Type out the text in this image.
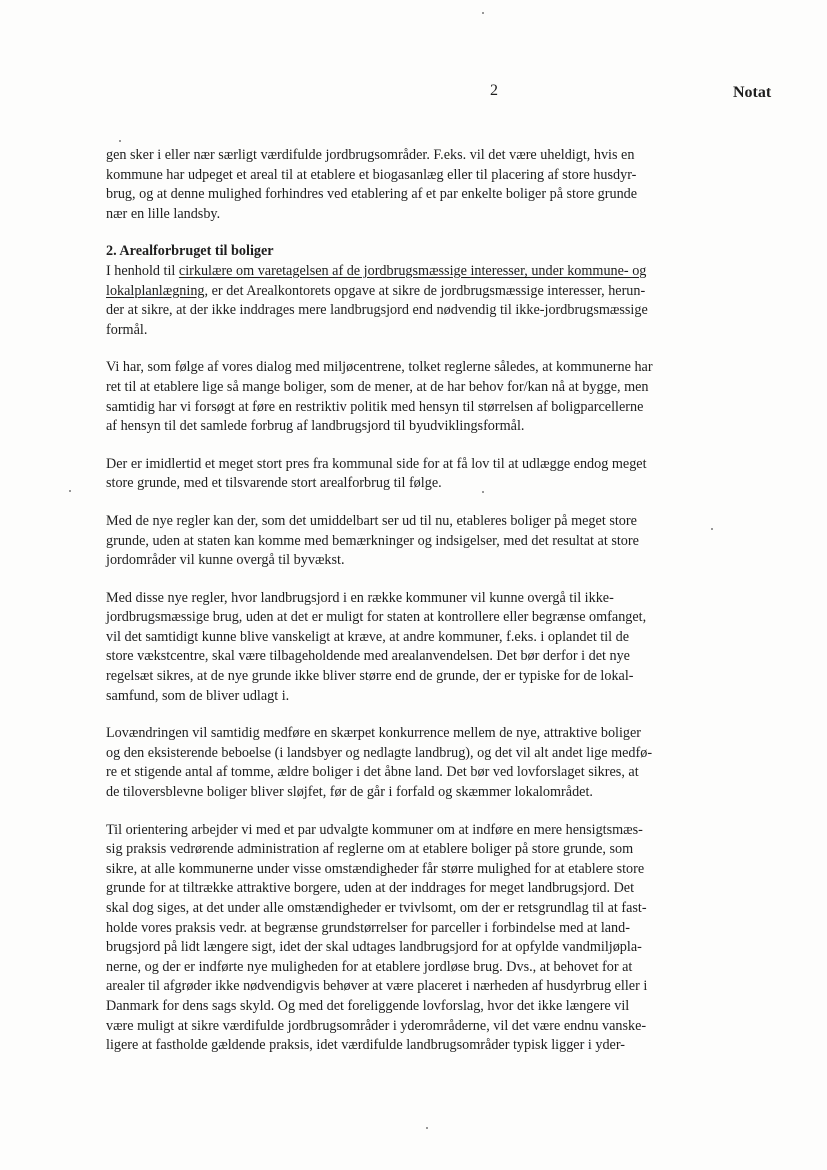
2	Notat
gen sker i eller nær særligt værdifulde jordbrugsområder. F.eks. vil det være uheldigt, hvis en
kommune har udpeget et areal til at etablere et biogasanlæg eller til placering af store husdyr-
brug, og at denne mulighed forhindres ved etablering af et par enkelte boliger på store grunde
nær en lille landsby.
2. Arealforbruget til boliger
I henhold til cirkulære om varetagelsen af de jordbrugsmæssige interesser, under kommune- og
lokalplanlægning, er det Arealkontorets opgave at sikre de jordbrugsmæssige interesser, herun-
der at sikre, at der ikke inddrages mere landbrugsjord end nødvendig til ikke-jordbrugsmæssige
formål.
Vi har, som følge af vores dialog med miljøcentrene, tolket reglerne således, at kommunerne har
ret til at etablere lige så mange boliger, som de mener, at de har behov for/kan nå at bygge, men
samtidig har vi forsøgt at føre en restriktiv politik med hensyn til størrelsen af boligparcellerne
af hensyn til det samlede forbrug af landbrugsjord til byudviklingsformål.
Der er imidlertid et meget stort pres fra kommunal side for at få lov til at udlægge endog meget
store grunde, med et tilsvarende stort arealforbrug til følge.
Med de nye regler kan der, som det umiddelbart ser ud til nu, etableres boliger på meget store
grunde, uden at staten kan komme med bemærkninger og indsigelser, med det resultat at store
jordområder vil kunne overgå til byvækst.
Med disse nye regler, hvor landbrugsjord i en række kommuner vil kunne overgå til ikke-
jordbrugsmæssige brug, uden at det er muligt for staten at kontrollere eller begrænse omfanget,
vil det samtidigt kunne blive vanskeligt at kræve, at andre kommuner, f.eks. i oplandet til de
store vækstcentre, skal være tilbageholdende med arealanvendelsen. Det bør derfor i det nye
regelsæt sikres, at de nye grunde ikke bliver større end de grunde, der er typiske for de lokal-
samfund, som de bliver udlagt i.
Lovændringen vil samtidig medføre en skærpet konkurrence mellem de nye, attraktive boliger
og den eksisterende beboelse (i landsbyer og nedlagte landbrug), og det vil alt andet lige medfø-
re et stigende antal af tomme, ældre boliger i det åbne land. Det bør ved lovforslaget sikres, at
de tiloversblevne boliger bliver sløjfet, før de går i forfald og skæmmer lokalområdet.
Til orientering arbejder vi med et par udvalgte kommuner om at indføre en mere hensigtsmæs-
sig praksis vedrørende administration af reglerne om at etablere boliger på store grunde, som
sikre, at alle kommunerne under visse omstændigheder får større mulighed for at etablere store
grunde for at tiltrække attraktive borgere, uden at der inddrages for meget landbrugsjord. Det
skal dog siges, at det under alle omstændigheder er tvivlsomt, om der er retsgrundlag til at fast-
holde vores praksis vedr. at begrænse grundstørrelser for parceller i forbindelse med at land-
brugsjord på lidt længere sigt, idet der skal udtages landbrugsjord for at opfylde vandmiljøpla-
nerne, og der er indførte nye muligheden for at etablere jordløse brug. Dvs., at behovet for at
arealer til afgrøder ikke nødvendigvis behøver at være placeret i nærheden af husdyrbrug eller i
Danmark for dens sags skyld. Og med det foreliggende lovforslag, hvor det ikke længere vil
være muligt at sikre værdifulde jordbrugsområder i yderområderne, vil det være endnu vanske-
ligere at fastholde gældende praksis, idet værdifulde landbrugsområder typisk ligger i yder-
